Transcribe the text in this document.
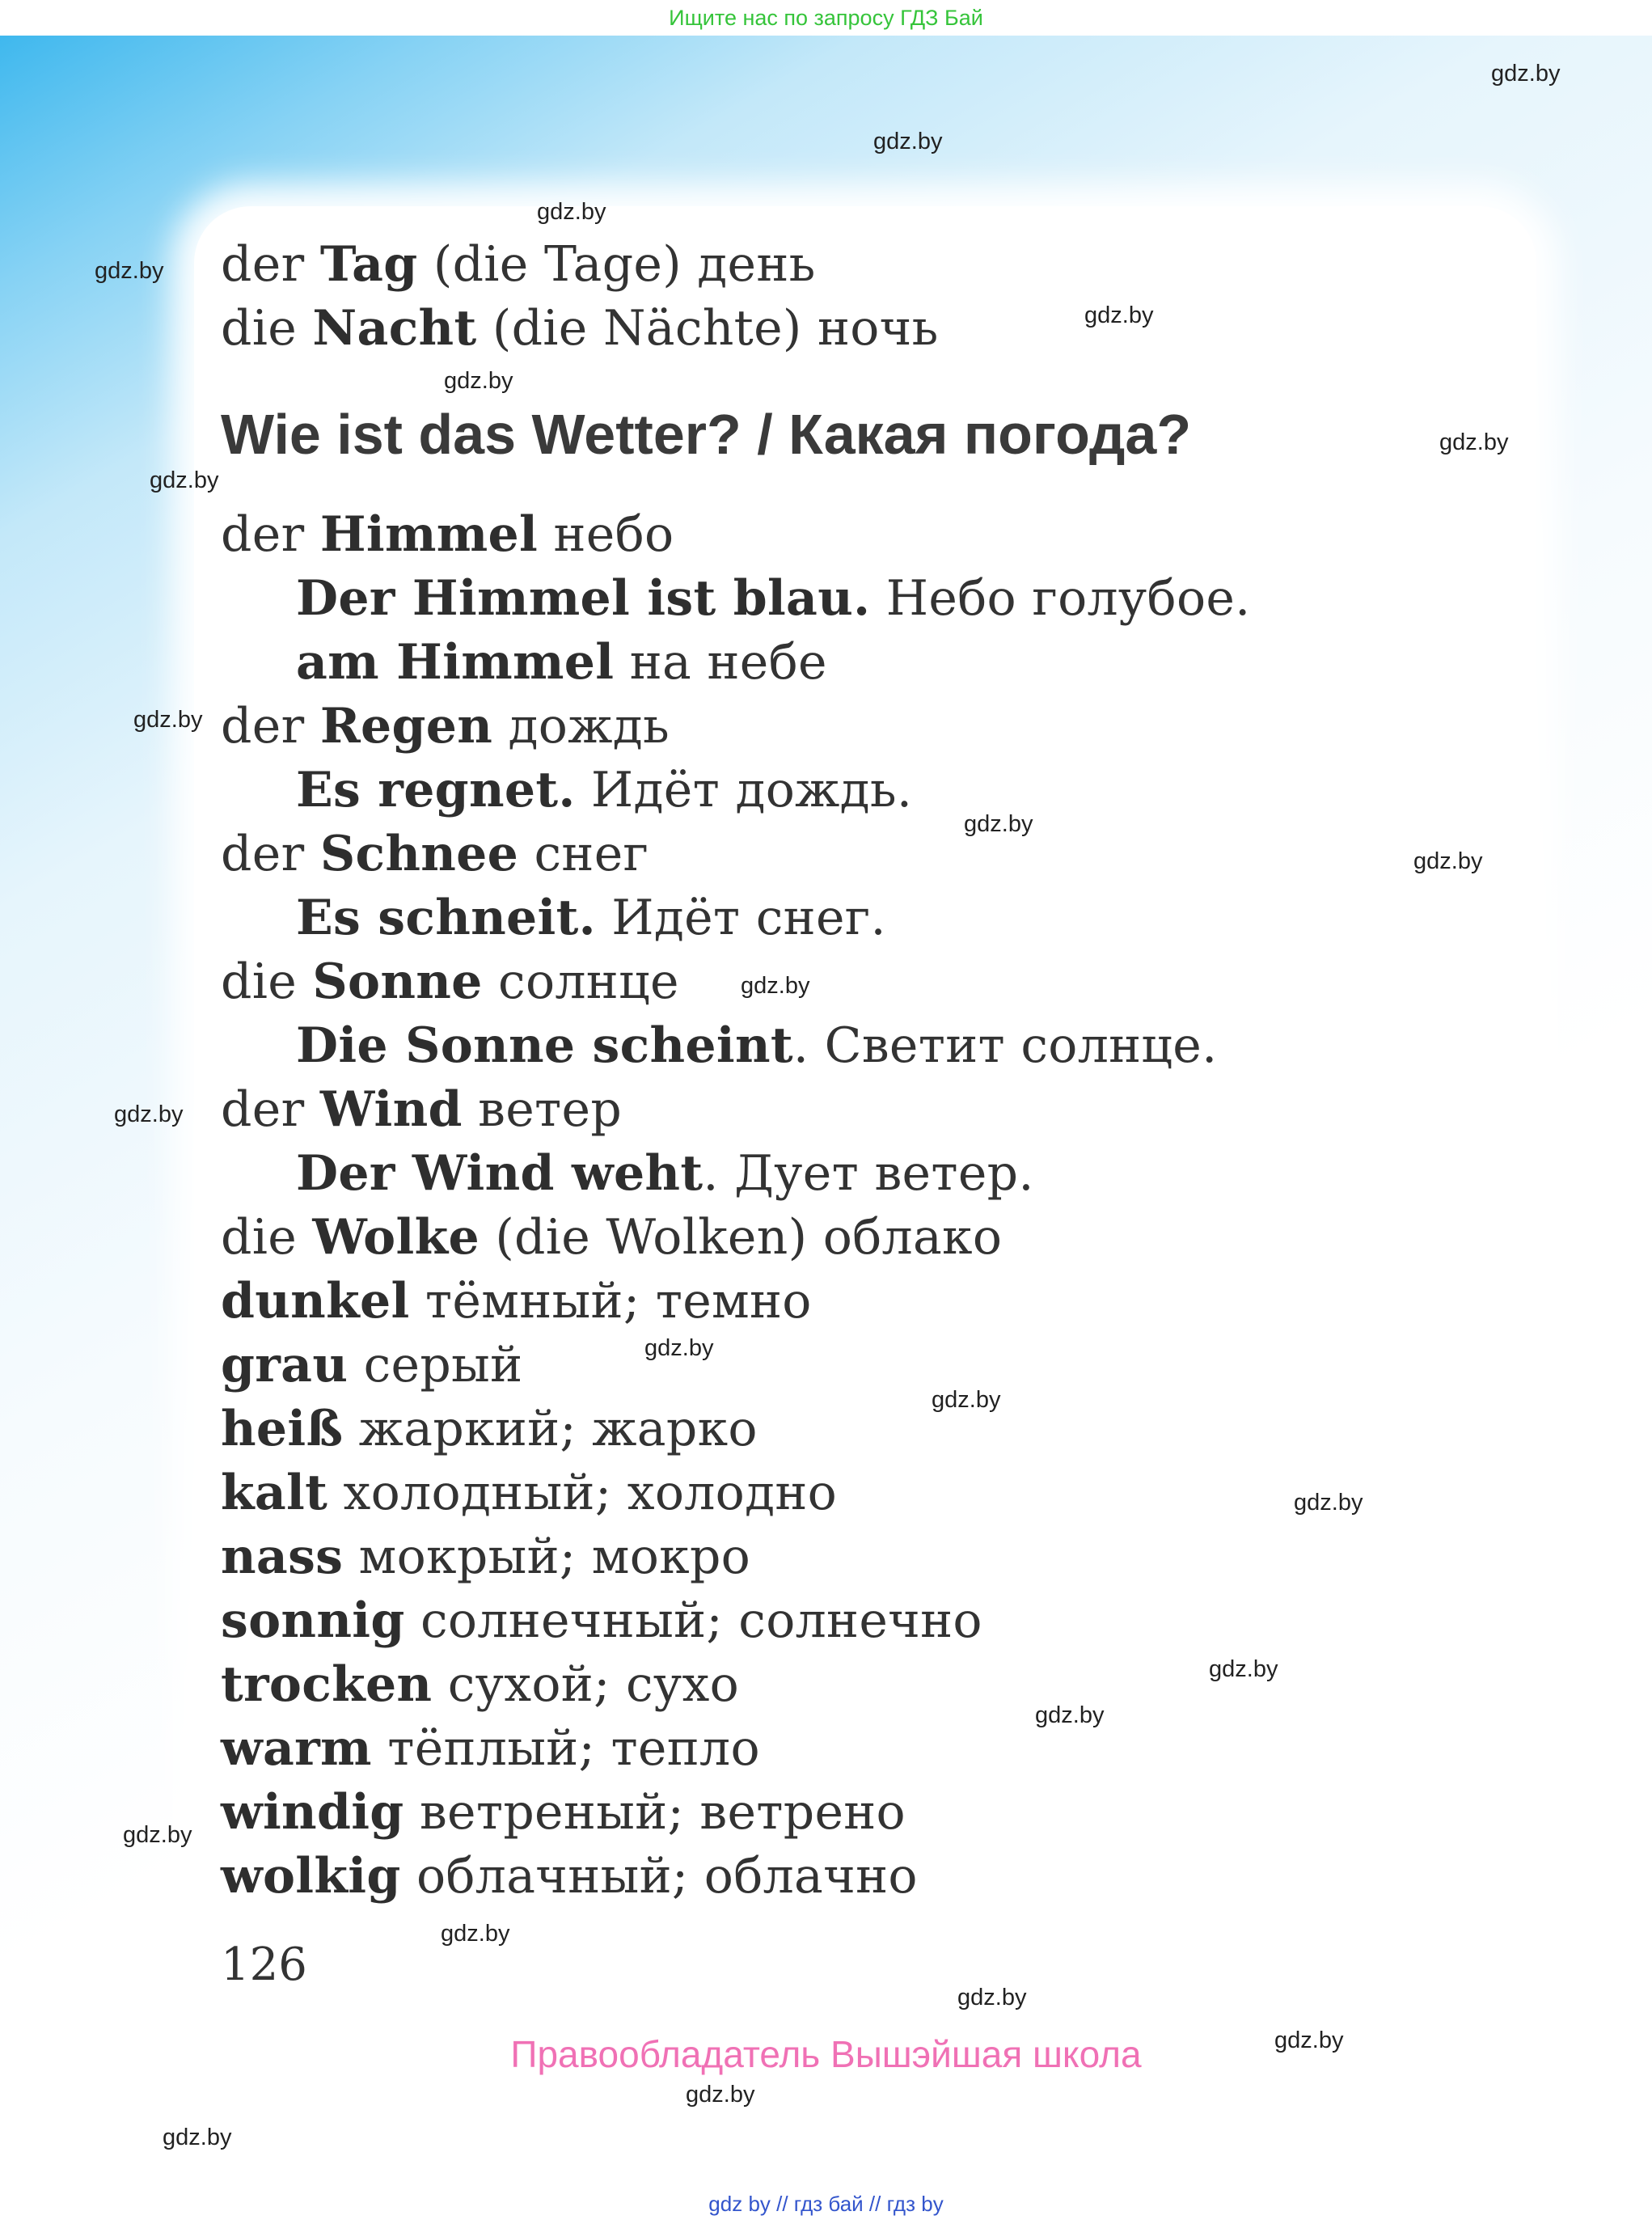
Ищите нас по запросу ГДЗ Бай
der Tag (die Tage) день
die Nacht (die Nächte) ночь
Wie ist das Wetter? / Какая погода?
der Himmel небо
Der Himmel ist blau. Небо голубое.
am Himmel на небе
der Regen дождь
Es regnet. Идёт дождь.
der Schnee снег
Es schneit. Идёт снег.
die Sonne солнце
Die Sonne scheint. Светит солнце.
der Wind ветер
Der Wind weht. Дует ветер.
die Wolke (die Wolken) облако
dunkel тёмный; темно
grau серый
heiß жаркий; жарко
kalt холодный; холодно
nass мокрый; мокро
sonnig солнечный; солнечно
trocken сухой; сухо
warm тёплый; тепло
windig ветреный; ветрено
wolkig облачный; облачно
126
Правообладатель Вышэйшая школа
gdz.by
gdz.by
gdz.by
gdz.by
gdz.by
gdz.by
gdz.by
gdz.by
gdz.by
gdz.by
gdz.by
gdz.by
gdz.by
gdz.by
gdz.by
gdz.by
gdz.by
gdz.by
gdz.by
gdz.by
gdz.by
gdz.by
gdz.by
gdz.by
gdz by // гдз бай // гдз by
